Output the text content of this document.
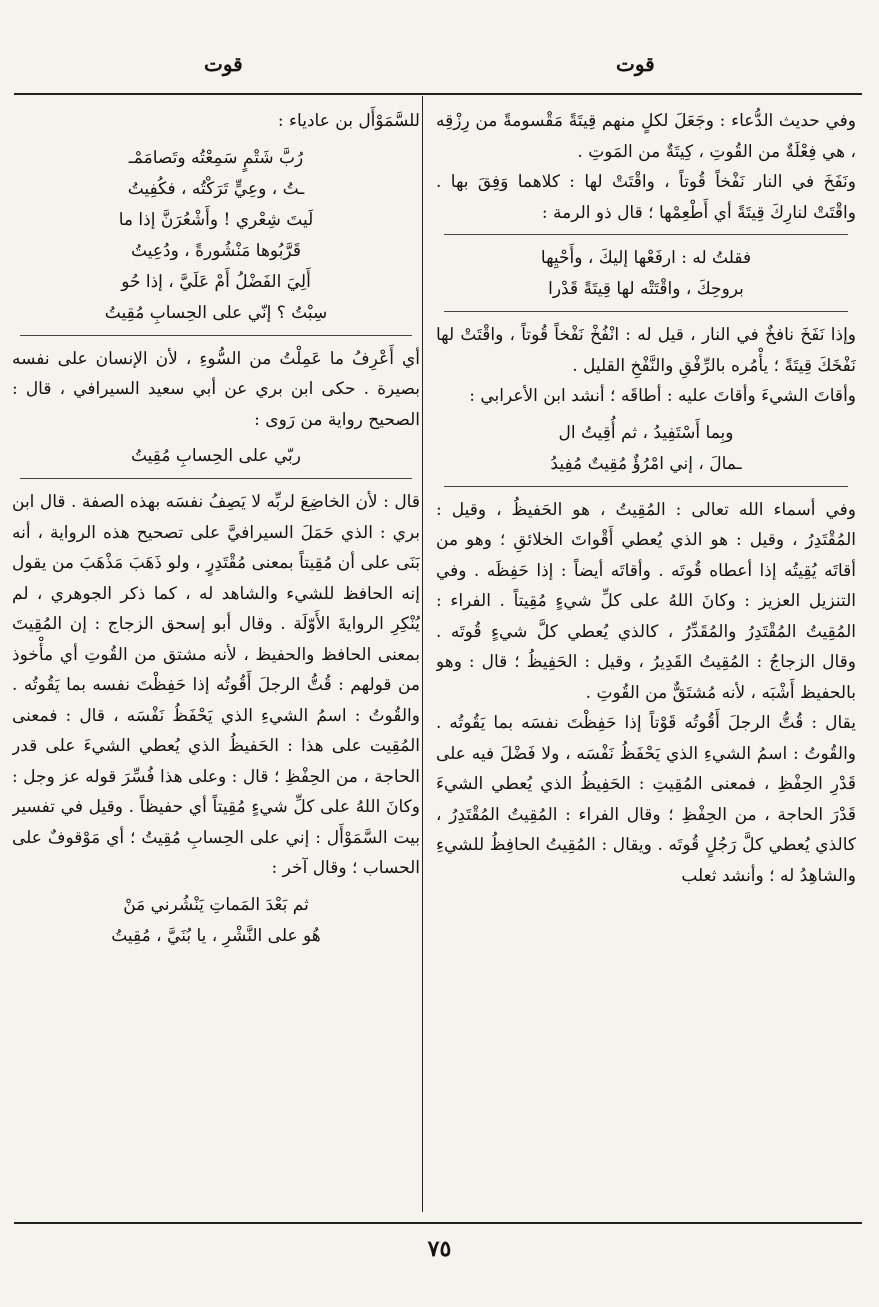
قوت
قوت

وفي حديث الدُّعاء : وجَعَلَ لكلٍ منهم قِيتَةً مَقْسومةً من رِزْقِه ، هي فِعْلَةٌ من القُوتِ ، كِيتَةٌ من المَوتِ .

ونَفَخَ في النار نَفْخاً قُوتاً ، واقْتَتْ لها : كلاهما وَفِقَ بها . واقْتَتْ لنارِكَ قِيتَةً أي أَطْعِمْها ؛ قال ذو الرمة :

فقلتُ له : ارفَعْها إليكَ ، وأَحْيِها
بروحِكَ ، واقْتَتْه لها قِيتَةً قَدْرا

وإذا نَفَخَ نافخٌ في النار ، قيل له : انْفُخْ نَفْخاً قُوتاً ، واقْتَتْ لها نَفْخَكَ قِيتَةً ؛ يأْمُره بالرِّفْقِ والنَّفْخِ القليل .

وأقاتَ الشيءَ وأقاتَ عليه : أطاقَه ؛ أنشد ابن الأعرابي :

وبِما أَسْتَفِيدُ ، ثم أُقِيتُ ال
ـمالَ ، إني امْرُؤٌ مُقِيتٌ مُفِيدُ

وفي أسماء الله تعالى : المُقِيتُ ، هو الحَفيظُ ، وقيل : المُقْتَدِرُ ، وقيل : هو الذي يُعطي أَقْواتَ الخلائقِ ؛ وهو من أقاتَه يُقِيتُه إذا أعطاه قُوتَه . وأقاتَه أيضاً : إذا حَفِظَه . وفي التنزيل العزيز : وكانَ اللهُ على كلِّ شيءٍ مُقِيتاً . الفراء : المُقِيتُ المُقْتَدِرُ والمُقَدِّرُ ، كالذي يُعطي كلَّ شيءٍ قُوتَه . وقال الزجاجُ : المُقِيتُ القَدِيرُ ، وقيل : الحَفِيظُ ؛ قال : وهو بالحفيظ أَشْبَه ، لأنه مُشتَقٌّ من القُوتِ .

يقال : قُتُّ الرجلَ أَقُوتُه قَوْتاً إذا حَفِظْتَ نفسَه بما يَقُوتُه . والقُوتُ : اسمُ الشيءِ الذي يَحْفَظُ نَفْسَه ، ولا فَضْلَ فيه على قَدْرِ الحِفْظِ ، فمعنى المُقِيتِ : الحَفِيظُ الذي يُعطي الشيءَ قَدْرَ الحاجة ، من الحِفْظِ ؛ وقال الفراء : المُقِيتُ المُقْتَدِرُ ، كالذي يُعطي كلَّ رَجُلٍ قُوتَه . ويقال : المُقِيتُ الحافِظُ للشيءِ والشاهِدُ له ؛ وأنشد ثعلب

للسَّمَوْأَل بن عادياء :

رُبَّ شَتْمٍ سَمِعْتُه وتَصامَمْـ
ـتُ ، وعِيٍّ تَرَكْتُه ، فكُفِيتُ
لَيتَ شِعْري ! وأَشْعُرَنَّ إذا ما
قَرَّبُوها مَنْشُورةً ، ودُعِيتُ
أَلِيَ الفَضْلُ أَمْ عَلَيَّ ، إذا حُو
سِبْتُ ؟ إنّي على الحِسابِ مُقِيتُ

أي أَعْرِفُ ما عَمِلْتُ من السُّوءِ ، لأن الإنسان على نفسه بصيرة . حكى ابن بري عن أبي سعيد السيرافي ، قال : الصحيح رواية من رَوى :

ربّي على الحِسابِ مُقِيتُ

قال : لأن الخاضِعَ لربِّه لا يَصِفُ نفسَه بهذه الصفة . قال ابن بري : الذي حَمَلَ السيرافيَّ على تصحيح هذه الرواية ، أنه بَنَى على أن مُقِيتاً بمعنى مُقْتَدِرٍ ، ولو ذَهَبَ مَذْهَبَ من يقول إنه الحافظ للشيء والشاهد له ، كما ذكر الجوهري ، لم يُنْكِرِ الروايةَ الأَوّلَة . وقال أبو إسحق الزجاج : إن المُقِيتَ بمعنى الحافظ والحفيظ ، لأنه مشتق من القُوتِ أي مأْخوذ من قولهم : قُتُّ الرجلَ أَقُوتُه إذا حَفِظْتَ نفسه بما يَقُوتُه . والقُوتُ : اسمُ الشيءِ الذي يَحْفَظُ نَفْسَه ، قال : فمعنى المُقِيت على هذا : الحَفيظُ الذي يُعطي الشيءَ على قدر الحاجة ، من الحِفْظِ ؛ قال : وعلى هذا فُسِّرَ قوله عز وجل : وكانَ اللهُ على كلِّ شيءٍ مُقِيتاً أي حفيظاً . وقيل في تفسير بيت السَّمَوْأَل : إني على الحِسابِ مُقِيتُ ؛ أي مَوْقوفٌ على الحساب ؛ وقال آخر :

ثم بَعْدَ المَماتِ يَنْشُرني مَنْ
هُو على النَّشْرِ ، يا بُنَيَّ ، مُقِيتُ
٧٥
